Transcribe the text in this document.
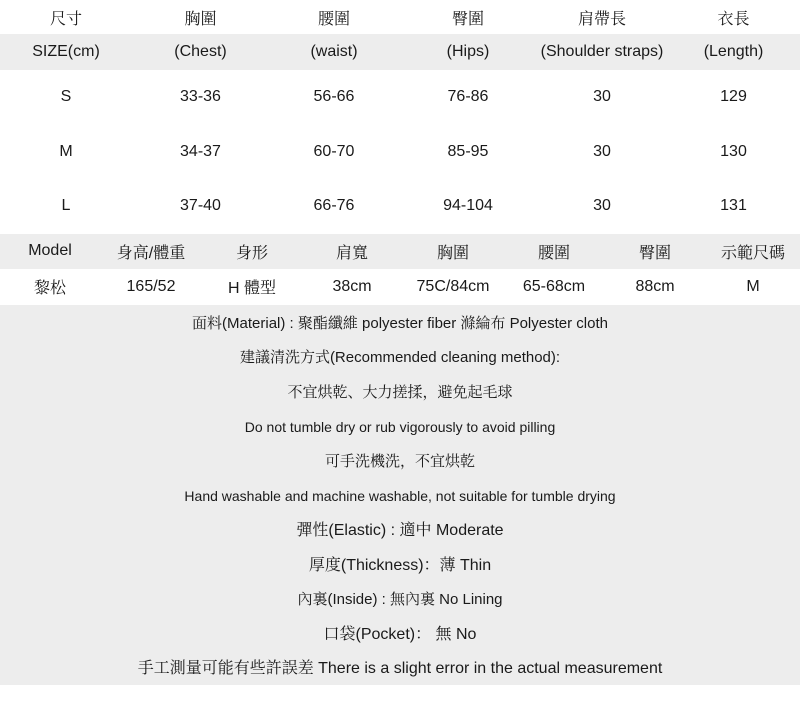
尺寸	胸圍	腰圍	臀圍	肩帶長	衣長
SIZE(cm)	(Chest)	(waist)	(Hips)	(Shoulder straps)	(Length)
S	33-36	56-66	76-86	30	129
M	34-37	60-70	85-95	30	130
L	37-40	66-76	94-104	30	131
Model	身高/體重	身形	肩寬	胸圍	腰圍	臀圍	示範尺碼
黎松	165/52	H 體型	38cm	75C/84cm	65-68cm	88cm	M
面料(Material) : 聚酯纖維 polyester fiber 滌綸布 Polyester cloth
建議清洗方式(Recommended cleaning method):
不宜烘乾、大力搓揉，避免起毛球
Do not tumble dry or rub vigorously to avoid pilling
可手洗機洗，不宜烘乾
Hand washable and machine washable, not suitable for tumble drying
彈性(Elastic) : 適中 Moderate
厚度(Thickness)：薄 Thin
內裏(Inside) : 無內裏 No Lining
口袋(Pocket)： 無 No
手工測量可能有些許誤差 There is a slight error in the actual measurement
